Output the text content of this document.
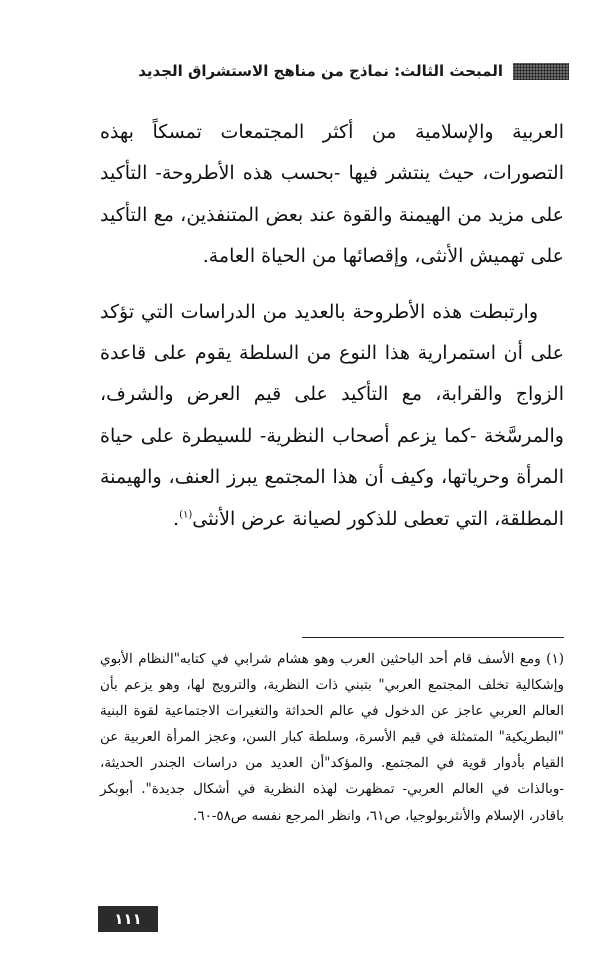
المبحث الثالث: نماذج من مناهج الاستشراق الجديد

العربية والإسلامية من أكثر المجتمعات تمسكاً بهذه التصورات، حيث ينتشر فيها -بحسب هذه الأطروحة- التأكيد على مزيد من الهيمنة والقوة عند بعض المتنفذين، مع التأكيد على تهميش الأنثى، وإقصائها من الحياة العامة.

وارتبطت هذه الأطروحة بالعديد من الدراسات التي تؤكد على أن استمرارية هذا النوع من السلطة يقوم على قاعدة الزواج والقرابة، مع التأكيد على قيم العرض والشرف، والمرسَّخة -كما يزعم أصحاب النظرية- للسيطرة على حياة المرأة وحرياتها، وكيف أن هذا المجتمع يبرز العنف، والهيمنة المطلقة، التي تعطى للذكور لصيانة عرض الأنثى$^{(١)}$.

(١) ومع الأسف قام أحد الباحثين العرب وهو هشام شرابي في كتابه"النظام الأبوي وإشكالية تخلف المجتمع العربي" بتبني ذات النظرية، والترويج لها، وهو يزعم بأن العالم العربي عاجز عن الدخول في عالم الحداثة والتغيرات الاجتماعية لقوة البنية "البطريكية" المتمثلة في قيم الأسرة، وسلطة كبار السن، وعجز المرأة العربية عن القيام بأدوار قوية في المجتمع. والمؤكد"أن العديد من دراسات الجندر الحديثة، -وبالذات في العالم العربي- تمظهرت لهذه النظرية في أشكال جديدة". أبوبكر باقادر، الإسلام والأنثربولوجيا، ص٦١، وانظر المرجع نفسه ص٥٨-٦٠.

١١١
